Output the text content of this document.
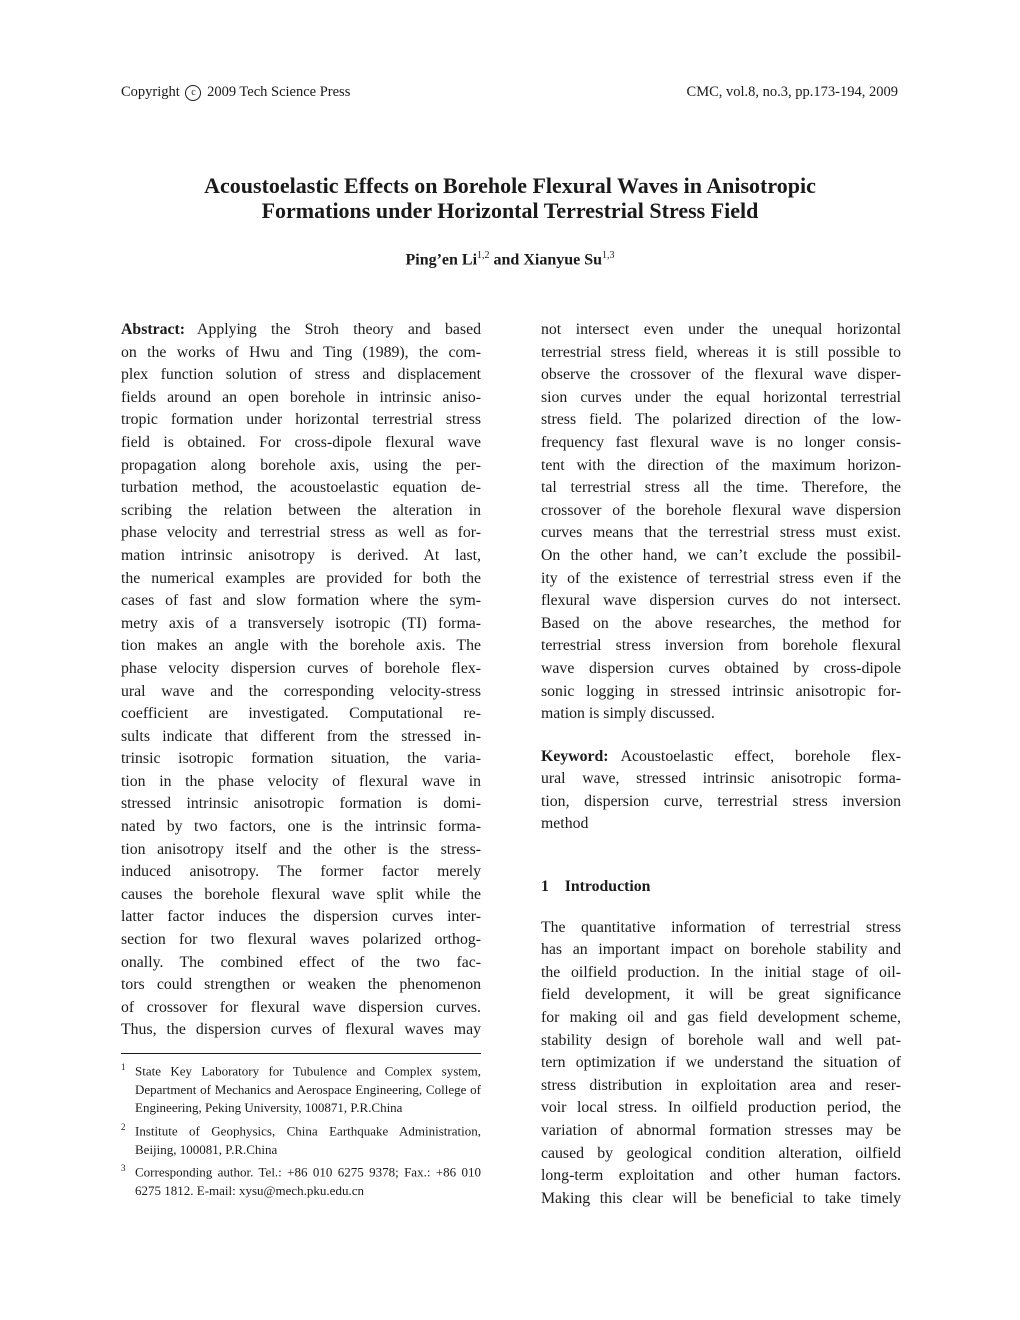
Copyright c 2009 Tech Science Press	CMC, vol.8, no.3, pp.173-194, 2009
Acoustoelastic Effects on Borehole Flexural Waves in Anisotropic
Formations under Horizontal Terrestrial Stress Field
Ping’en Li$^{1,2}$ and Xianyue Su$^{1,3}$
Abstract: Applying the Stroh theory and based
on the works of Hwu and Ting (1989), the com-
plex function solution of stress and displacement
fields around an open borehole in intrinsic aniso-
tropic formation under horizontal terrestrial stress
field is obtained. For cross-dipole flexural wave
propagation along borehole axis, using the per-
turbation method, the acoustoelastic equation de-
scribing the relation between the alteration in
phase velocity and terrestrial stress as well as for-
mation intrinsic anisotropy is derived. At last,
the numerical examples are provided for both the
cases of fast and slow formation where the sym-
metry axis of a transversely isotropic (TI) forma-
tion makes an angle with the borehole axis. The
phase velocity dispersion curves of borehole flex-
ural wave and the corresponding velocity-stress
coefficient are investigated. Computational re-
sults indicate that different from the stressed in-
trinsic isotropic formation situation, the varia-
tion in the phase velocity of flexural wave in
stressed intrinsic anisotropic formation is domi-
nated by two factors, one is the intrinsic forma-
tion anisotropy itself and the other is the stress-
induced anisotropy. The former factor merely
causes the borehole flexural wave split while the
latter factor induces the dispersion curves inter-
section for two flexural waves polarized orthog-
onally. The combined effect of the two fac-
tors could strengthen or weaken the phenomenon
of crossover for flexural wave dispersion curves.
Thus, the dispersion curves of flexural waves may
$^1$ State Key Laboratory for Tubulence and Complex system, Department of Mechanics and Aerospace Engineering, College of Engineering, Peking University, 100871, P.R.China
$^2$ Institute of Geophysics, China Earthquake Administration, Beijing, 100081, P.R.China
$^3$ Corresponding author. Tel.: +86 010 6275 9378; Fax.: +86 010 6275 1812. E-mail: xysu@mech.pku.edu.cn
not intersect even under the unequal horizontal
terrestrial stress field, whereas it is still possible to
observe the crossover of the flexural wave disper-
sion curves under the equal horizontal terrestrial
stress field. The polarized direction of the low-
frequency fast flexural wave is no longer consis-
tent with the direction of the maximum horizon-
tal terrestrial stress all the time. Therefore, the
crossover of the borehole flexural wave dispersion
curves means that the terrestrial stress must exist.
On the other hand, we can’t exclude the possibil-
ity of the existence of terrestrial stress even if the
flexural wave dispersion curves do not intersect.
Based on the above researches, the method for
terrestrial stress inversion from borehole flexural
wave dispersion curves obtained by cross-dipole
sonic logging in stressed intrinsic anisotropic for-
mation is simply discussed.
Keyword: Acoustoelastic effect, borehole flex-
ural wave, stressed intrinsic anisotropic forma-
tion, dispersion curve, terrestrial stress inversion
method
1 Introduction
The quantitative information of terrestrial stress
has an important impact on borehole stability and
the oilfield production. In the initial stage of oil-
field development, it will be great significance
for making oil and gas field development scheme,
stability design of borehole wall and well pat-
tern optimization if we understand the situation of
stress distribution in exploitation area and reser-
voir local stress. In oilfield production period, the
variation of abnormal formation stresses may be
caused by geological condition alteration, oilfield
long-term exploitation and other human factors.
Making this clear will be beneficial to take timely
